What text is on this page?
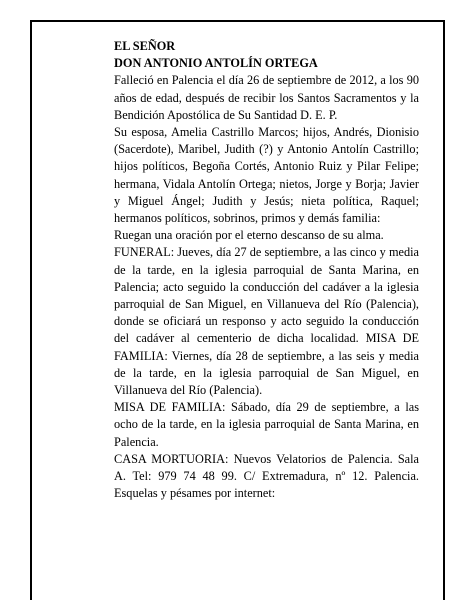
EL SEÑOR

DON ANTONIO ANTOLÍN ORTEGA

Falleció en Palencia el día 26 de septiembre de 2012, a los 90 años de edad, después de recibir los Santos Sacramentos y la Bendición Apostólica de Su Santidad D. E. P.

Su esposa, Amelia Castrillo Marcos; hijos, Andrés, Dionisio (Sacerdote), Maribel, Judith (?) y Antonio Antolín Castrillo; hijos políticos, Begoña Cortés, Antonio Ruiz y Pilar Felipe; hermana, Vidala Antolín Ortega; nietos, Jorge y Borja; Javier y Miguel Ángel; Judith y Jesús; nieta política, Raquel; hermanos políticos, sobrinos, primos y demás familia:

Ruegan una oración por el eterno descanso de su alma.

FUNERAL: Jueves, día 27 de septiembre, a las cinco y media de la tarde, en la iglesia parroquial de Santa Marina, en Palencia; acto seguido la conducción del cadáver a la iglesia parroquial de San Miguel, en Villanueva del Río (Palencia), donde se oficiará un responso y acto seguido la conducción del cadáver al cementerio de dicha localidad. MISA DE FAMILIA: Viernes, día 28 de septiembre, a las seis y media de la tarde, en la iglesia parroquial de San Miguel, en Villanueva del Río (Palencia).

MISA DE FAMILIA: Sábado, día 29 de septiembre, a las ocho de la tarde, en la iglesia parroquial de Santa Marina, en Palencia.

CASA MORTUORIA: Nuevos Velatorios de Palencia. Sala A. Tel: 979 74 48 99. C/ Extremadura, nº 12. Palencia. Esquelas y pésames por internet:
